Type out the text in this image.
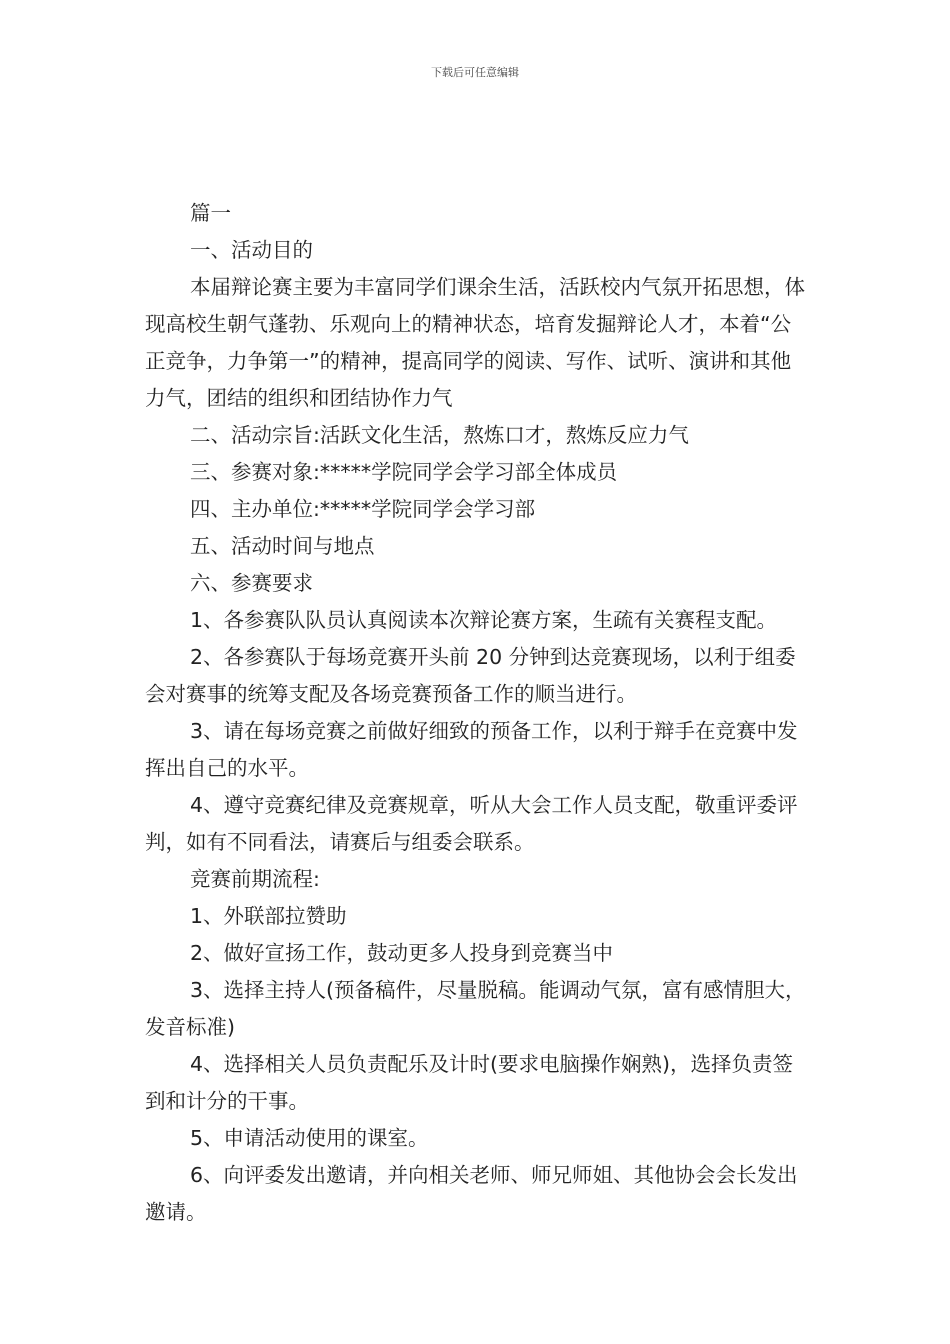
下载后可任意编辑

篇一

一、活动目的

本届辩论赛主要为丰富同学们课余生活，活跃校内气氛开拓思想，体现高校生朝气蓬勃、乐观向上的精神状态，培育发掘辩论人才，本着“公正竞争，力争第一”的精神，提高同学的阅读、写作、试听、演讲和其他力气，团结的组织和团结协作力气

二、活动宗旨:活跃文化生活，熬炼口才，熬炼反应力气

三、参赛对象:*****学院同学会学习部全体成员

四、主办单位:*****学院同学会学习部

五、活动时间与地点

六、参赛要求

1、各参赛队队员认真阅读本次辩论赛方案，生疏有关赛程支配。

2、各参赛队于每场竞赛开头前 20 分钟到达竞赛现场，以利于组委会对赛事的统筹支配及各场竞赛预备工作的顺当进行。

3、请在每场竞赛之前做好细致的预备工作，以利于辩手在竞赛中发挥出自己的水平。

4、遵守竞赛纪律及竞赛规章，听从大会工作人员支配，敬重评委评判，如有不同看法，请赛后与组委会联系。

竞赛前期流程:

1、外联部拉赞助

2、做好宣扬工作，鼓动更多人投身到竞赛当中

3、选择主持人(预备稿件，尽量脱稿。能调动气氛，富有感情胆大，发音标准)

4、选择相关人员负责配乐及计时(要求电脑操作娴熟)，选择负责签到和计分的干事。

5、申请活动使用的课室。

6、向评委发出邀请，并向相关老师、师兄师姐、其他协会会长发出邀请。
